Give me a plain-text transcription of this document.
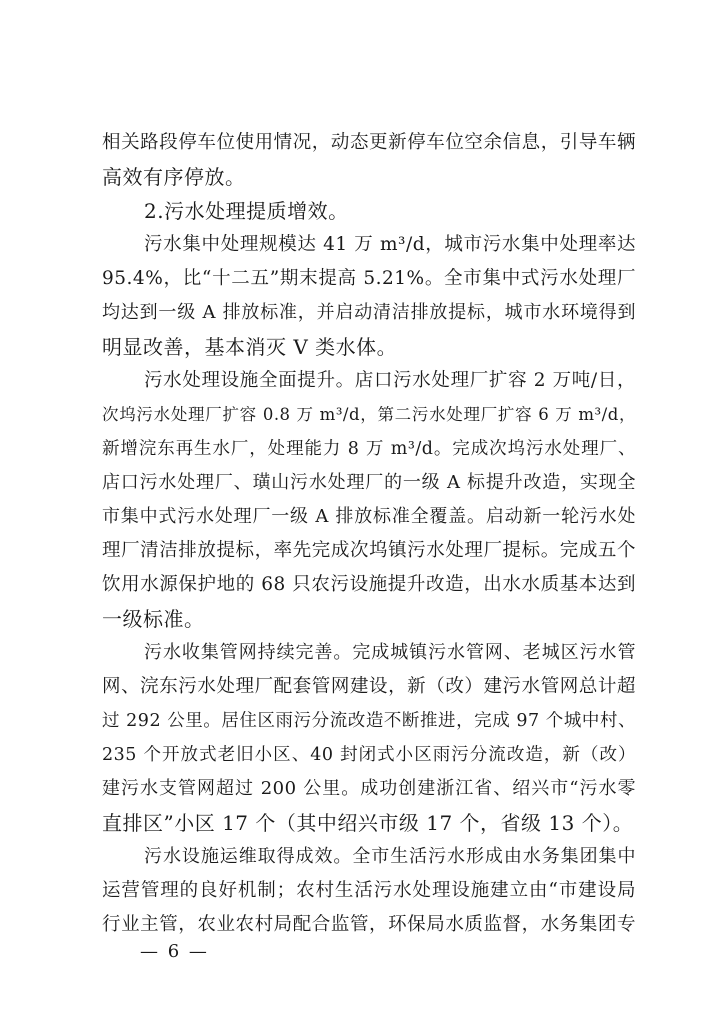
相关路段停车位使用情况，动态更新停车位空余信息，引导车辆
高效有序停放。
2.污水处理提质增效。
污水集中处理规模达 41 万 m³/d，城市污水集中处理率达
95.4%，比“十二五”期末提高 5.21%。全市集中式污水处理厂
均达到一级 A 排放标准，并启动清洁排放提标，城市水环境得到
明显改善，基本消灭 V 类水体。
污水处理设施全面提升。店口污水处理厂扩容 2 万吨/日，
次坞污水处理厂扩容 0.8 万 m³/d，第二污水处理厂扩容 6 万 m³/d，
新增浣东再生水厂，处理能力 8 万 m³/d。完成次坞污水处理厂、
店口污水处理厂、璜山污水处理厂的一级 A 标提升改造，实现全
市集中式污水处理厂一级 A 排放标准全覆盖。启动新一轮污水处
理厂清洁排放提标，率先完成次坞镇污水处理厂提标。完成五个
饮用水源保护地的 68 只农污设施提升改造，出水水质基本达到
一级标准。
污水收集管网持续完善。完成城镇污水管网、老城区污水管
网、浣东污水处理厂配套管网建设，新（改）建污水管网总计超
过 292 公里。居住区雨污分流改造不断推进，完成 97 个城中村、
235 个开放式老旧小区、40 封闭式小区雨污分流改造，新（改）
建污水支管网超过 200 公里。成功创建浙江省、绍兴市“污水零
直排区”小区 17 个（其中绍兴市级 17 个，省级 13 个）。
污水设施运维取得成效。全市生活污水形成由水务集团集中
运营管理的良好机制；农村生活污水处理设施建立由“市建设局
行业主管，农业农村局配合监管，环保局水质监督，水务集团专
— 6 —
